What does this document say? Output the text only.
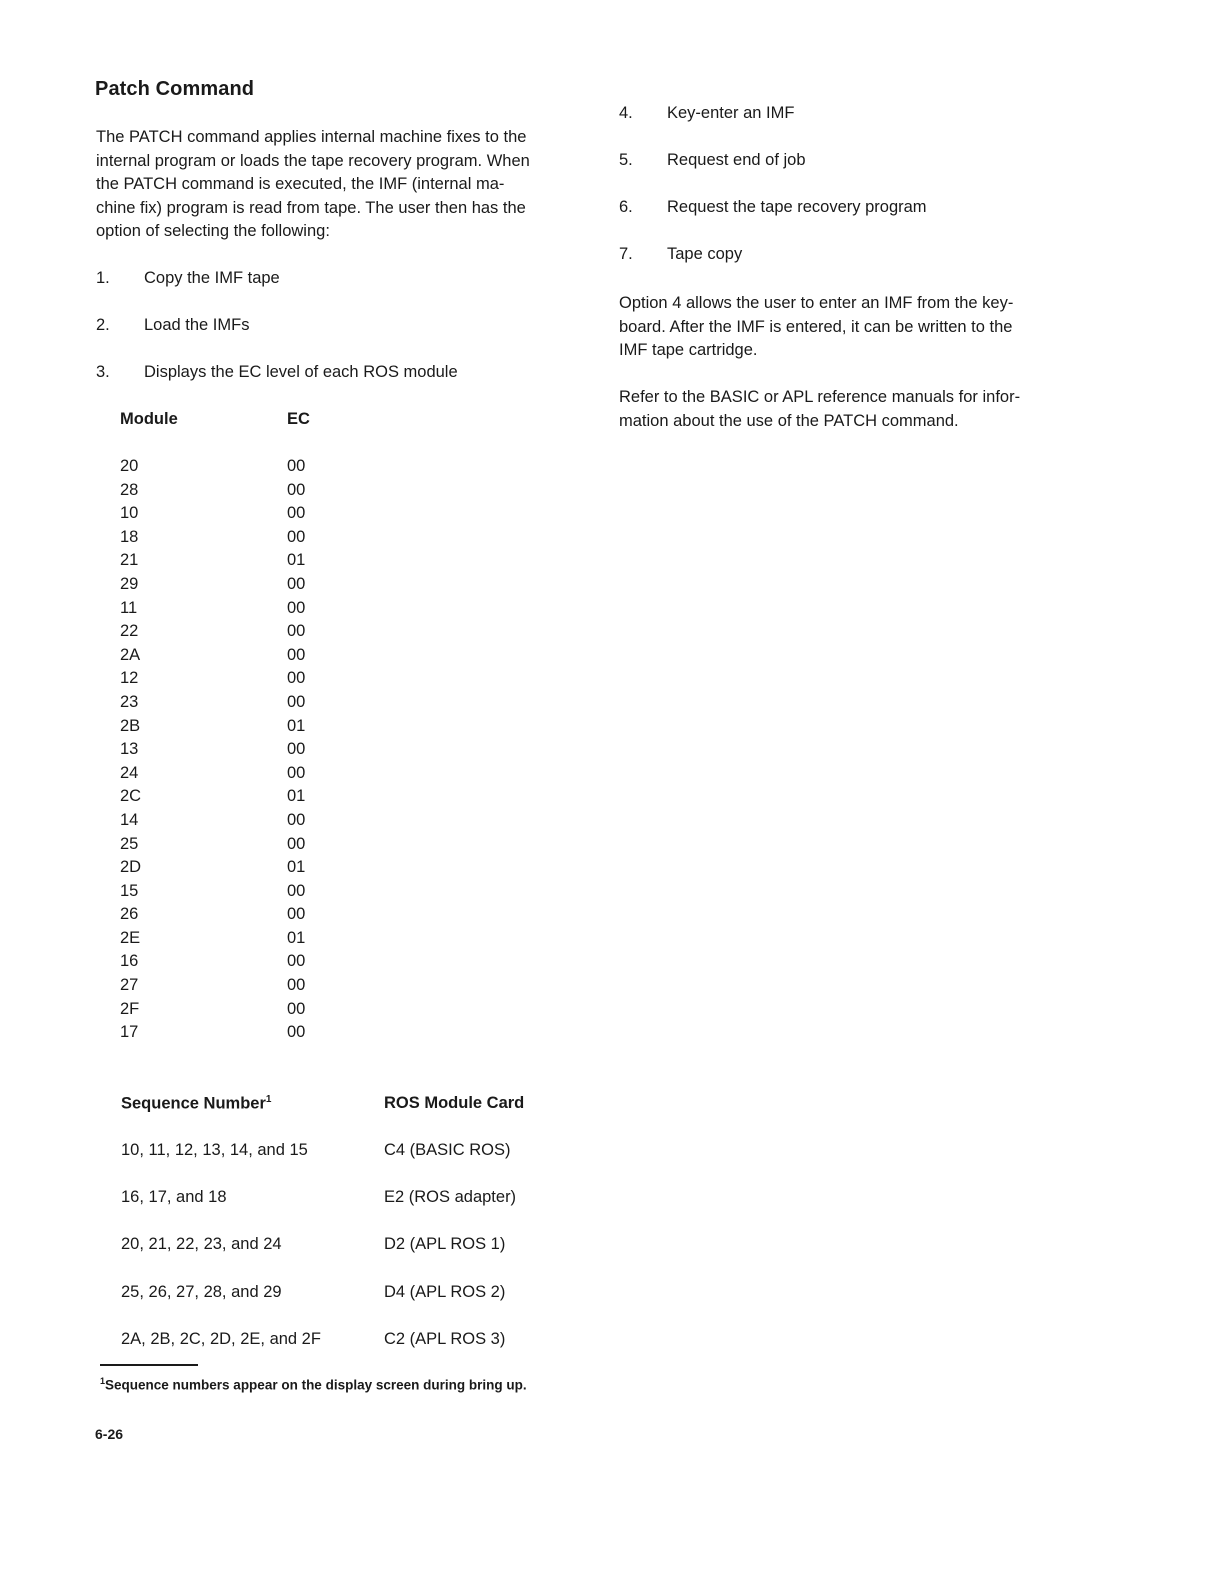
Patch Command
The PATCH command applies internal machine fixes to the
internal program or loads the tape recovery program. When
the PATCH command is executed, the IMF (internal ma-
chine fix) program is read from tape. The user then has the
option of selecting the following:
1. Copy the IMF tape
2. Load the IMFs
3. Displays the EC level of each ROS module
Module	EC
20	00
28	00
10	00
18	00
21	01
29	00
11	00
22	00
2A	00
12	00
23	00
2B	01
13	00
24	00
2C	01
14	00
25	00
2D	01
15	00
26	00
2E	01
16	00
27	00
2F	00
17	00
Sequence Number$^1$	ROS Module Card
10, 11, 12, 13, 14, and 15	C4 (BASIC ROS)
16, 17, and 18	E2 (ROS adapter)
20, 21, 22, 23, and 24	D2 (APL ROS 1)
25, 26, 27, 28, and 29	D4 (APL ROS 2)
2A, 2B, 2C, 2D, 2E, and 2F	C2 (APL ROS 3)
$^1$Sequence numbers appear on the display screen during bring up.
6-26
4. Key-enter an IMF
5. Request end of job
6. Request the tape recovery program
7. Tape copy
Option 4 allows the user to enter an IMF from the key-
board. After the IMF is entered, it can be written to the
IMF tape cartridge.
Refer to the BASIC or APL reference manuals for infor-
mation about the use of the PATCH command.
